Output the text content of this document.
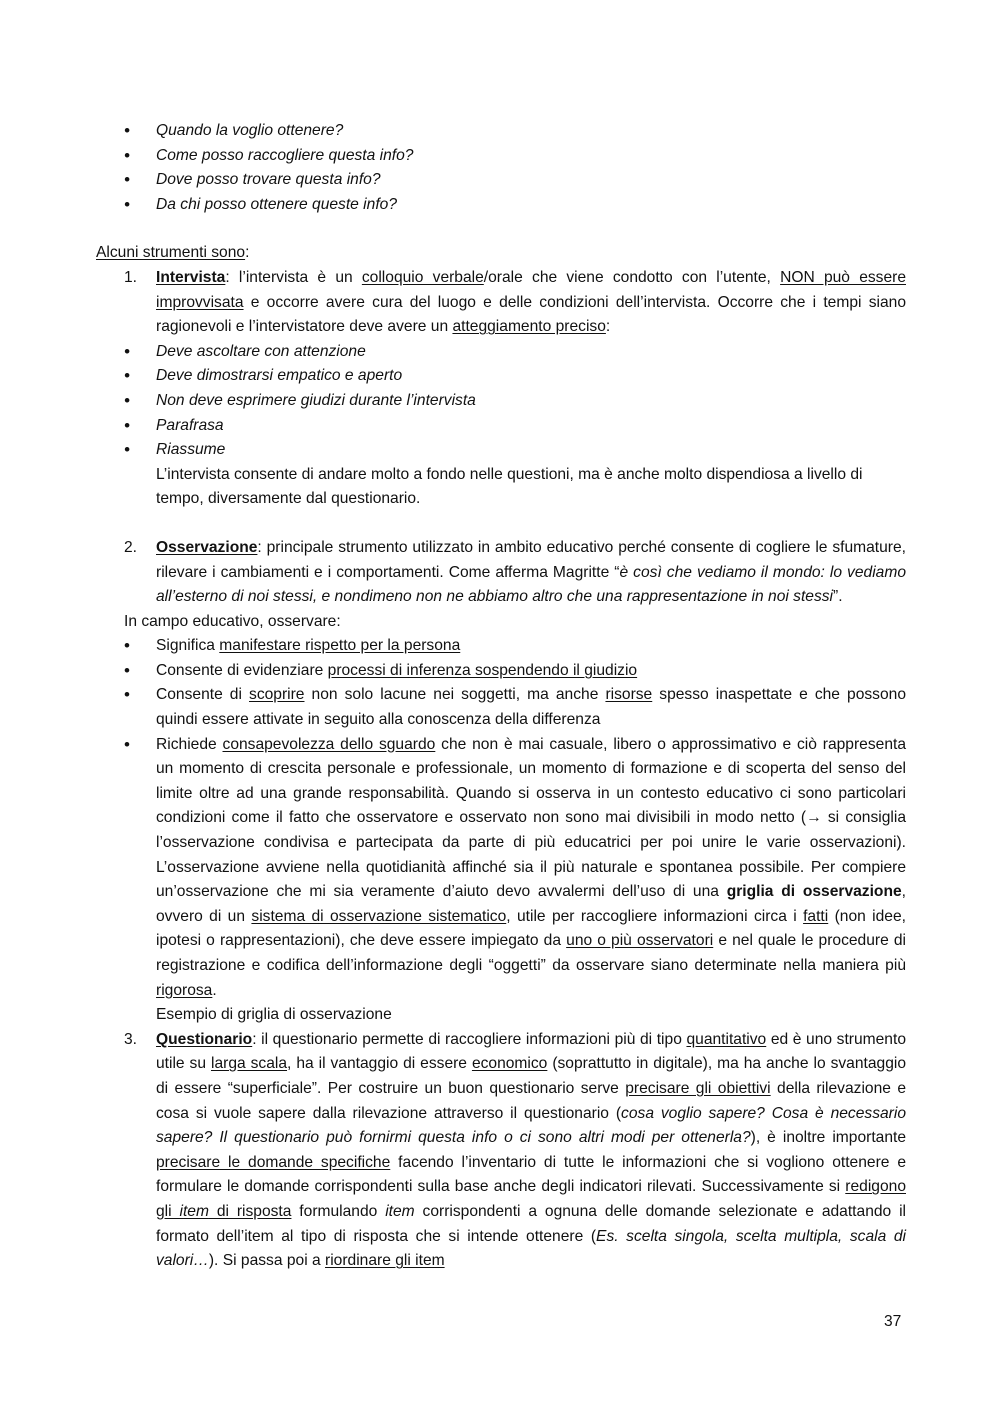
• Quando la voglio ottenere?
• Come posso raccogliere questa info?
• Dove posso trovare questa info?
• Da chi posso ottenere queste info?
Alcuni strumenti sono:
1. Intervista: l’intervista è un colloquio verbale/orale che viene condotto con l’utente, NON può essere improvvisata e occorre avere cura del luogo e delle condizioni dell’intervista. Occorre che i tempi siano ragionevoli e l’intervistatore deve avere un atteggiamento preciso:
• Deve ascoltare con attenzione
• Deve dimostrarsi empatico e aperto
• Non deve esprimere giudizi durante l’intervista
• Parafrasa
• Riassume
L’intervista consente di andare molto a fondo nelle questioni, ma è anche molto dispendiosa a livello di tempo, diversamente dal questionario.
2. Osservazione: principale strumento utilizzato in ambito educativo perché consente di cogliere le sfumature, rilevare i cambiamenti e i comportamenti. Come afferma Magritte “è così che vediamo il mondo: lo vediamo all’esterno di noi stessi, e nondimeno non ne abbiamo altro che una rappresentazione in noi stessi”.
In campo educativo, osservare:
• Significa manifestare rispetto per la persona
• Consente di evidenziare processi di inferenza sospendendo il giudizio
• Consente di scoprire non solo lacune nei soggetti, ma anche risorse spesso inaspettate e che possono quindi essere attivate in seguito alla conoscenza della differenza
• Richiede consapevolezza dello sguardo che non è mai casuale, libero o approssimativo e ciò rappresenta un momento di crescita personale e professionale, un momento di formazione e di scoperta del senso del limite oltre ad una grande responsabilità. Quando si osserva in un contesto educativo ci sono particolari condizioni come il fatto che osservatore e osservato non sono mai divisibili in modo netto (→ si consiglia l’osservazione condivisa e partecipata da parte di più educatrici per poi unire le varie osservazioni). L’osservazione avviene nella quotidianità affinché sia il più naturale e spontanea possibile. Per compiere un’osservazione che mi sia veramente d’aiuto devo avvalermi dell’uso di una griglia di osservazione, ovvero di un sistema di osservazione sistematico, utile per raccogliere informazioni circa i fatti (non idee, ipotesi o rappresentazioni), che deve essere impiegato da uno o più osservatori e nel quale le procedure di registrazione e codifica dell’informazione degli “oggetti” da osservare siano determinate nella maniera più rigorosa.
Esempio di griglia di osservazione
3. Questionario: il questionario permette di raccogliere informazioni più di tipo quantitativo ed è uno strumento utile su larga scala, ha il vantaggio di essere economico (soprattutto in digitale), ma ha anche lo svantaggio di essere “superficiale”. Per costruire un buon questionario serve precisare gli obiettivi della rilevazione e cosa si vuole sapere dalla rilevazione attraverso il questionario (cosa voglio sapere? Cosa è necessario sapere? Il questionario può fornirmi questa info o ci sono altri modi per ottenerla?), è inoltre importante precisare le domande specifiche facendo l’inventario di tutte le informazioni che si vogliono ottenere e formulare le domande corrispondenti sulla base anche degli indicatori rilevati. Successivamente si redigono gli item di risposta formulando item corrispondenti a ognuna delle domande selezionate e adattando il formato dell’item al tipo di risposta che si intende ottenere (Es. scelta singola, scelta multipla, scala di valori…). Si passa poi a riordinare gli item
37
